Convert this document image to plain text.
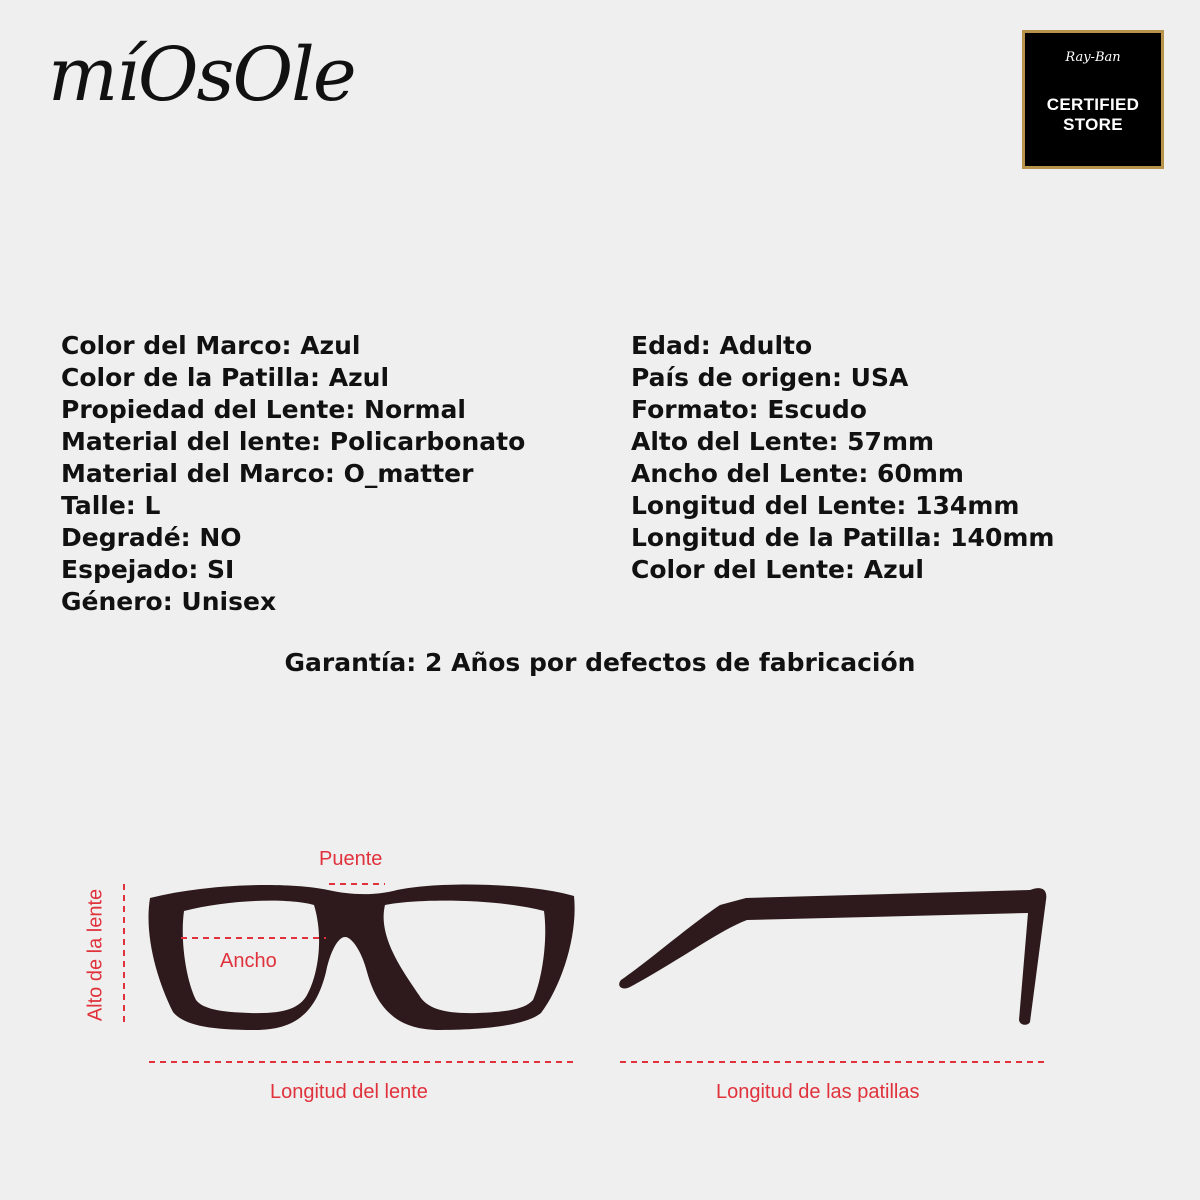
míOsOle	Ray-Ban
CERTIFIED
STORE
Color del Marco: Azul
Color de la Patilla: Azul
Propiedad del Lente: Normal
Material del lente: Policarbonato
Material del Marco: O_matter
Talle: L
Degradé: NO
Espejado: SI
Género: Unisex
Edad: Adulto
País de origen: USA
Formato: Escudo
Alto del Lente: 57mm
Ancho del Lente: 60mm
Longitud del Lente: 134mm
Longitud de la Patilla: 140mm
Color del Lente: Azul
Garantía: 2 Años por defectos de fabricación
Puente
Ancho
Alto de la lente
Longitud del lente	Longitud de las patillas
